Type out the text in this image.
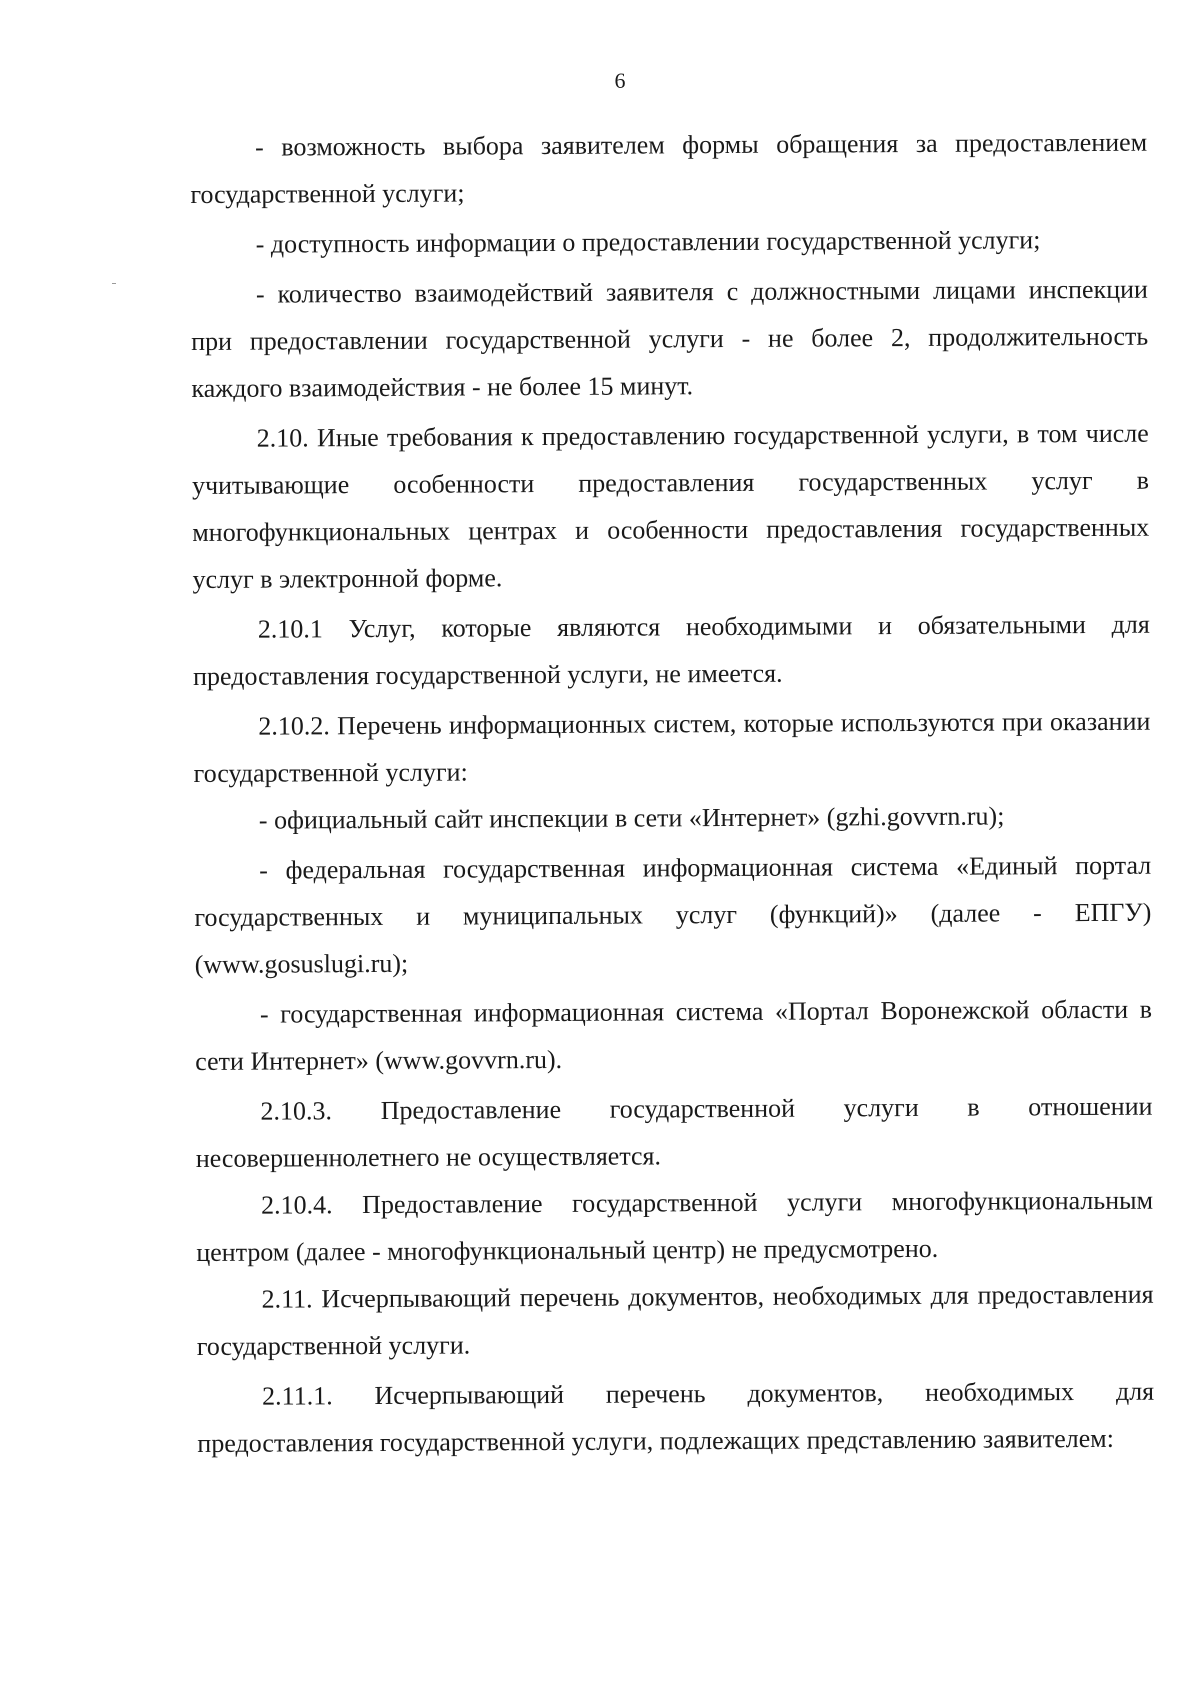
6

- возможность выбора заявителем формы обращения за предоставлением государственной услуги;

- доступность информации о предоставлении государственной услуги;

- количество взаимодействий заявителя с должностными лицами инспекции при предоставлении государственной услуги - не более 2, продолжительность каждого взаимодействия - не более 15 минут.

2.10. Иные требования к предоставлению государственной услуги, в том числе учитывающие особенности предоставления государственных услуг в многофункциональных центрах и особенности предоставления государственных услуг в электронной форме.

2.10.1 Услуг, которые являются необходимыми и обязательными для предоставления государственной услуги, не имеется.

2.10.2. Перечень информационных систем, которые используются при оказании государственной услуги:

- официальный сайт инспекции в сети «Интернет» (gzhi.govvrn.ru);

- федеральная государственная информационная система «Единый портал государственных и муниципальных услуг (функций)» (далее - ЕПГУ) (www.gosuslugi.ru);

- государственная информационная система «Портал Воронежской области в сети Интернет» (www.govvrn.ru).

2.10.3. Предоставление государственной услуги в отношении несовершеннолетнего не осуществляется.

2.10.4. Предоставление государственной услуги многофункциональным центром (далее - многофункциональный центр) не предусмотрено.

2.11. Исчерпывающий перечень документов, необходимых для предоставления государственной услуги.

2.11.1. Исчерпывающий перечень документов, необходимых для предоставления государственной услуги, подлежащих представлению заявителем:
